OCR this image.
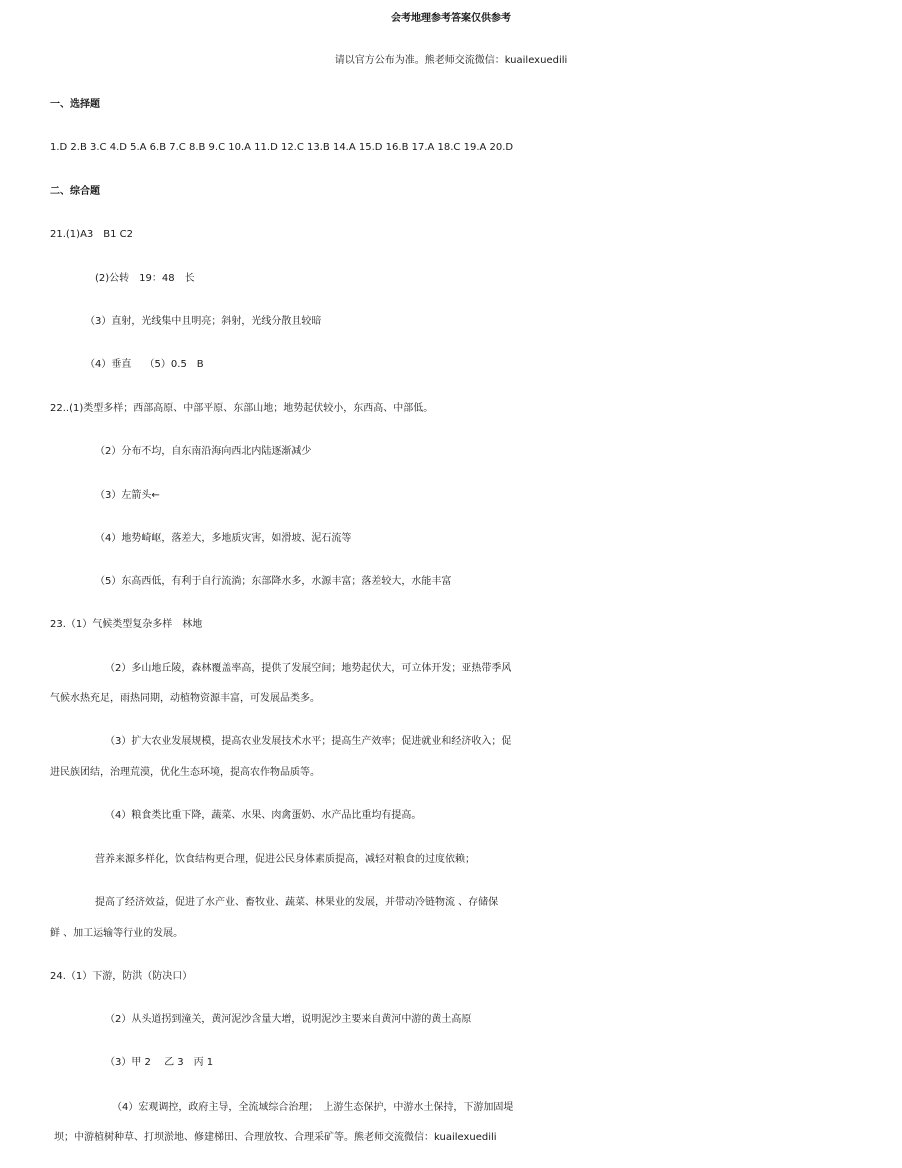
会考地理参考答案仅供参考
请以官方公布为准。熊老师交流微信：kuailexuedili
一、选择题
1.D 2.B 3.C 4.D 5.A 6.B 7.C 8.B 9.C 10.A 11.D 12.C 13.B 14.A 15.D 16.B 17.A 18.C 19.A 20.D
二、综合题
21.(1)A3　B1 C2
(2)公转　19：48　长
（3）直射，光线集中且明亮；斜射，光线分散且较暗
（4）垂直　 （5）0.5　B
22..(1)类型多样；西部高原、中部平原、东部山地；地势起伏较小，东西高、中部低。
（2）分布不均，自东南沿海向西北内陆逐渐减少
（3）左箭头←
（4）地势崎岖，落差大，多地质灾害，如滑坡、泥石流等
（5）东高西低，有利于自行流淌；东部降水多，水源丰富；落差较大，水能丰富
23.（1）气候类型复杂多样　林地
（2）多山地丘陵，森林覆盖率高，提供了发展空间；地势起伏大，可立体开发；亚热带季风
气候水热充足，雨热同期，动植物资源丰富，可发展品类多。
（3）扩大农业发展规模，提高农业发展技术水平；提高生产效率；促进就业和经济收入；促
进民族团结，治理荒漠，优化生态环境，提高农作物品质等。
（4）粮食类比重下降，蔬菜、水果、肉禽蛋奶、水产品比重均有提高。
营养来源多样化，饮食结构更合理，促进公民身体素质提高，减轻对粮食的过度依赖；
提高了经济效益，促进了水产业、畜牧业、蔬菜、林果业的发展，并带动冷链物流 、存储保
鲜 、加工运输等行业的发展。
24.（1）下游，防洪（防决口）
（2）从头道拐到潼关，黄河泥沙含量大增，说明泥沙主要来自黄河中游的黄土高原
（3）甲 2　 乙 3　丙 1
（4）宏观调控，政府主导，全流域综合治理；　上游生态保护，中游水土保持，下游加固堤
坝；中游植树种草、打坝淤地、修建梯田、合理放牧、合理采矿等。熊老师交流微信：kuailexuedili
